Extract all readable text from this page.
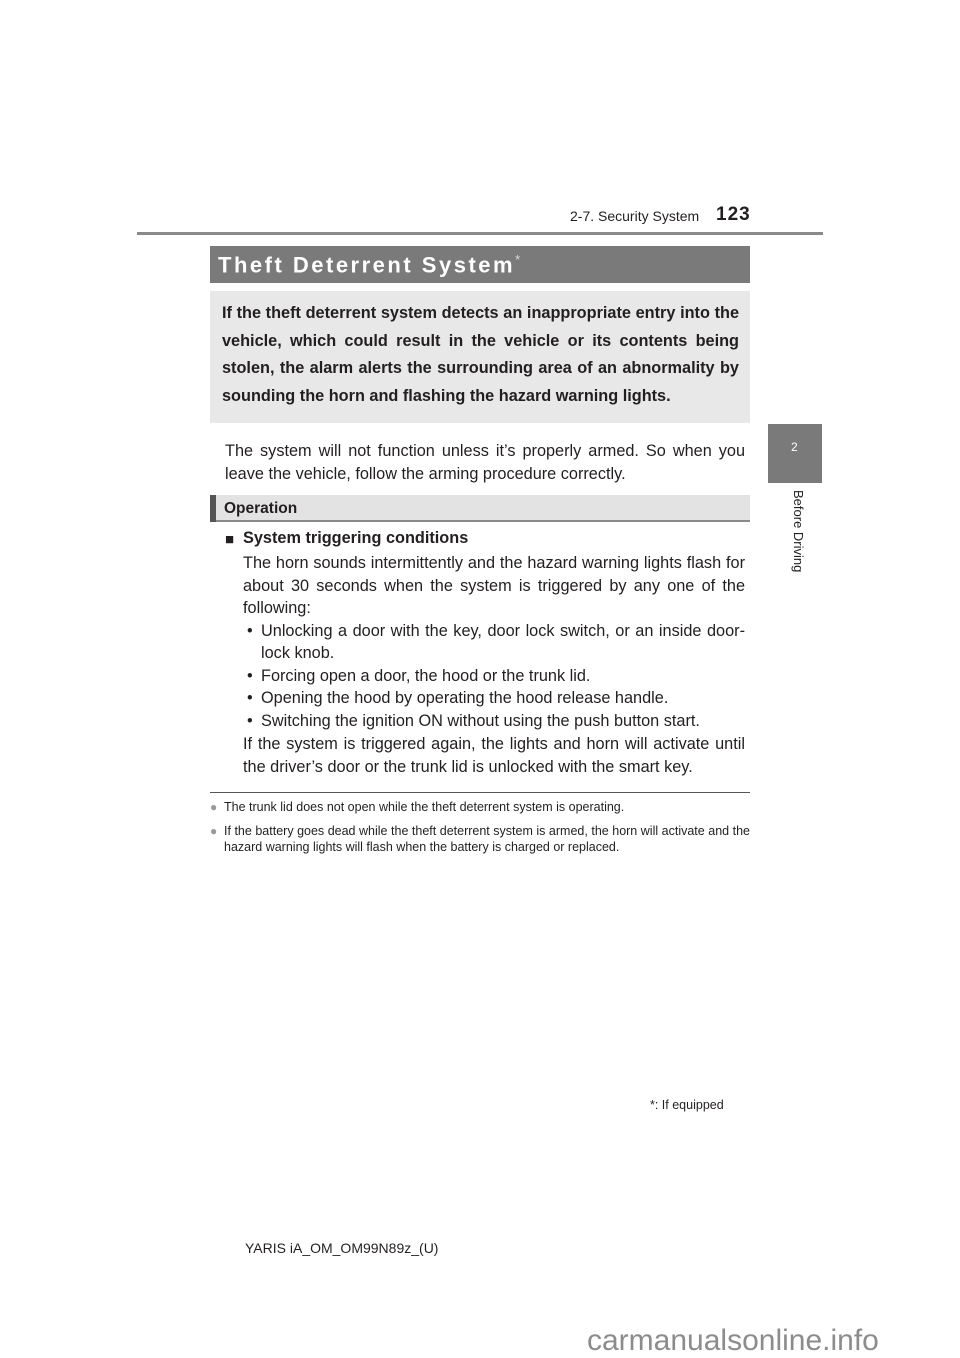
2-7. Security System 123
Theft Deterrent System*

If the theft deterrent system detects an inappropriate entry into the vehicle, which could result in the vehicle or its contents being stolen, the alarm alerts the surrounding area of an abnormality by sounding the horn and flashing the hazard warning lights.

The system will not function unless it’s properly armed. So when you leave the vehicle, follow the arming procedure correctly.
2
Before Driving
Operation
■ System triggering conditions
The horn sounds intermittently and the hazard warning lights flash for about 30 seconds when the system is triggered by any one of the following:
• Unlocking a door with the key, door lock switch, or an inside door-lock knob.
• Forcing open a door, the hood or the trunk lid.
• Opening the hood by operating the hood release handle.
• Switching the ignition ON without using the push button start.
If the system is triggered again, the lights and horn will activate until the driver’s door or the trunk lid is unlocked with the smart key.
● The trunk lid does not open while the theft deterrent system is operating.
● If the battery goes dead while the theft deterrent system is armed, the horn will activate and the hazard warning lights will flash when the battery is charged or replaced.
*: If equipped
YARIS iA_OM_OM99N89z_(U)
carmanualsonline.info
